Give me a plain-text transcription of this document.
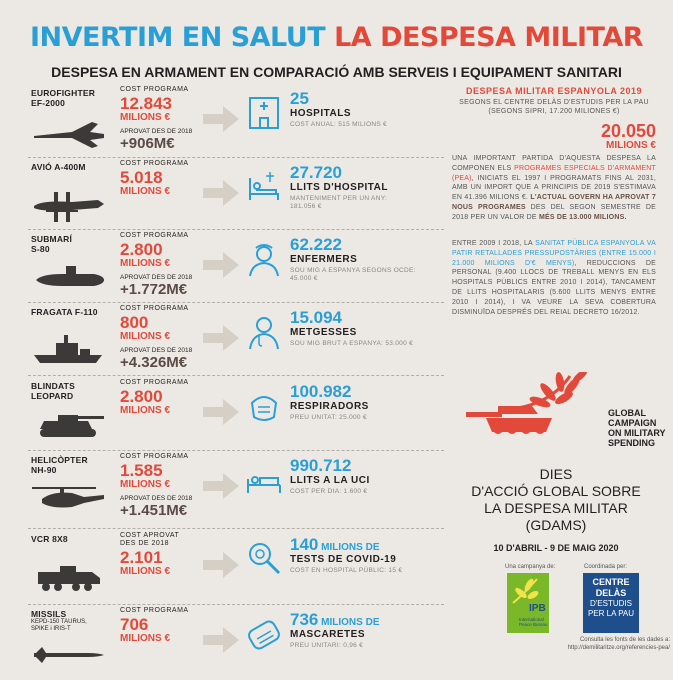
INVERTIM EN SALUT LA DESPESA MILITAR
DESPESA EN ARMAMENT EN COMPARACIÓ AMB SERVEIS I EQUIPAMENT SANITARI
EUROFIGHTER
EF-2000
COST PROGRAMA
12.843
MILIONS €
APROVAT DES DE 2018
+906M€
25
HOSPITALS
COST ANUAL: 515 MILIONS €
AVIÓ A-400M	COST PROGRAMA
5.018
MILIONS €
27.720
LLITS D'HOSPITAL
MANTENIMENT PER UN ANY:
181.056 €
SUBMARÍ
S-80
COST PROGRAMA
2.800
MILIONS €
APROVAT DES DE 2018
+1.772M€
62.222
ENFERMERS
SOU MIG A ESPANYA SEGONS OCDE:
45.000 €
FRAGATA F-110	COST PROGRAMA
800
MILIONS €
APROVAT DES DE 2018
+4.326M€
15.094
METGESSES
SOU MIG BRUT A ESPANYA: 53.000 €
BLINDATS
LEOPARD
COST PROGRAMA
2.800
MILIONS €
100.982
RESPIRADORS
PREU UNITAT: 25.000 €
HELICÒPTER
NH-90
COST PROGRAMA
1.585
MILIONS €
APROVAT DES DE 2018
+1.451M€
990.712
LLITS A LA UCI
COST PER DIA: 1.600 €
VCR 8X8	COST APROVAT
DES DE 2018
2.101
MILIONS €
140 MILIONS DE
TESTS DE COVID-19
COST EN HOSPITAL PÚBLIC: 15 €
MISSILS
KEPD-150 TAURUS,
SPIKE i IRIS-T
COST PROGRAMA
706
MILIONS €
736 MILIONS DE
MASCARETES
PREU UNITARI: 0,96 €
DESPESA MILITAR ESPANYOLA 2019
SEGONS EL CENTRE DELÀS D'ESTUDIS PER LA PAU
(SEGONS SIPRI, 17.200 MILIONES €)
20.050
MILIONS €
UNA IMPORTANT PARTIDA D'AQUESTA DESPESA LA COMPONEN ELS PROGRAMES ESPECIALS D'ARMAMENT (PEA), INICIATS EL 1997 I PROGRAMATS FINS AL 2031, AMB UN IMPORT QUE A PRINCIPIS DE 2019 S'ESTIMAVA EN 41.396 MILIONS €. L'ACTUAL GOVERN HA APROVAT 7 NOUS PROGRAMES DES DEL SEGON SEMESTRE DE 2018 PER UN VALOR DE MÉS DE 13.000 MILIONS.
ENTRE 2009 I 2018, LA SANITAT PÚBLICA ESPANYOLA VA PATIR RETALLADES PRESSUPOSTÀRIES (ENTRE 15.000 I 21.000 MILIONS D'€ MENYS), REDUCCIONS DE PERSONAL (9.400 LLOCS DE TREBALL MENYS EN ELS HOSPITALS PÚBLICS ENTRE 2010 I 2014), TANCAMENT DE LLITS HOSPITALARIS (5.600 LLITS MENYS ENTRE 2010 I 2014), I VA VEURE LA SEVA COBERTURA DISMINUÏDA DESPRÉS DEL REIAL DECRETO 16/2012.
GLOBAL
CAMPAIGN
ON MILITARY
SPENDING
DIES
D'ACCIÓ GLOBAL SOBRE
LA DESPESA MILITAR
(GDAMS)
10 D'ABRIL - 9 DE MAIG 2020
Una campanya de:	Coordinada per:
IPB
International
Peace Bureau
CENTRE DELÀS
D'ESTUDIS
PER LA PAU
Consulta les fonts de les dades a:
http://demilitaritze.org/referencies-pea/
